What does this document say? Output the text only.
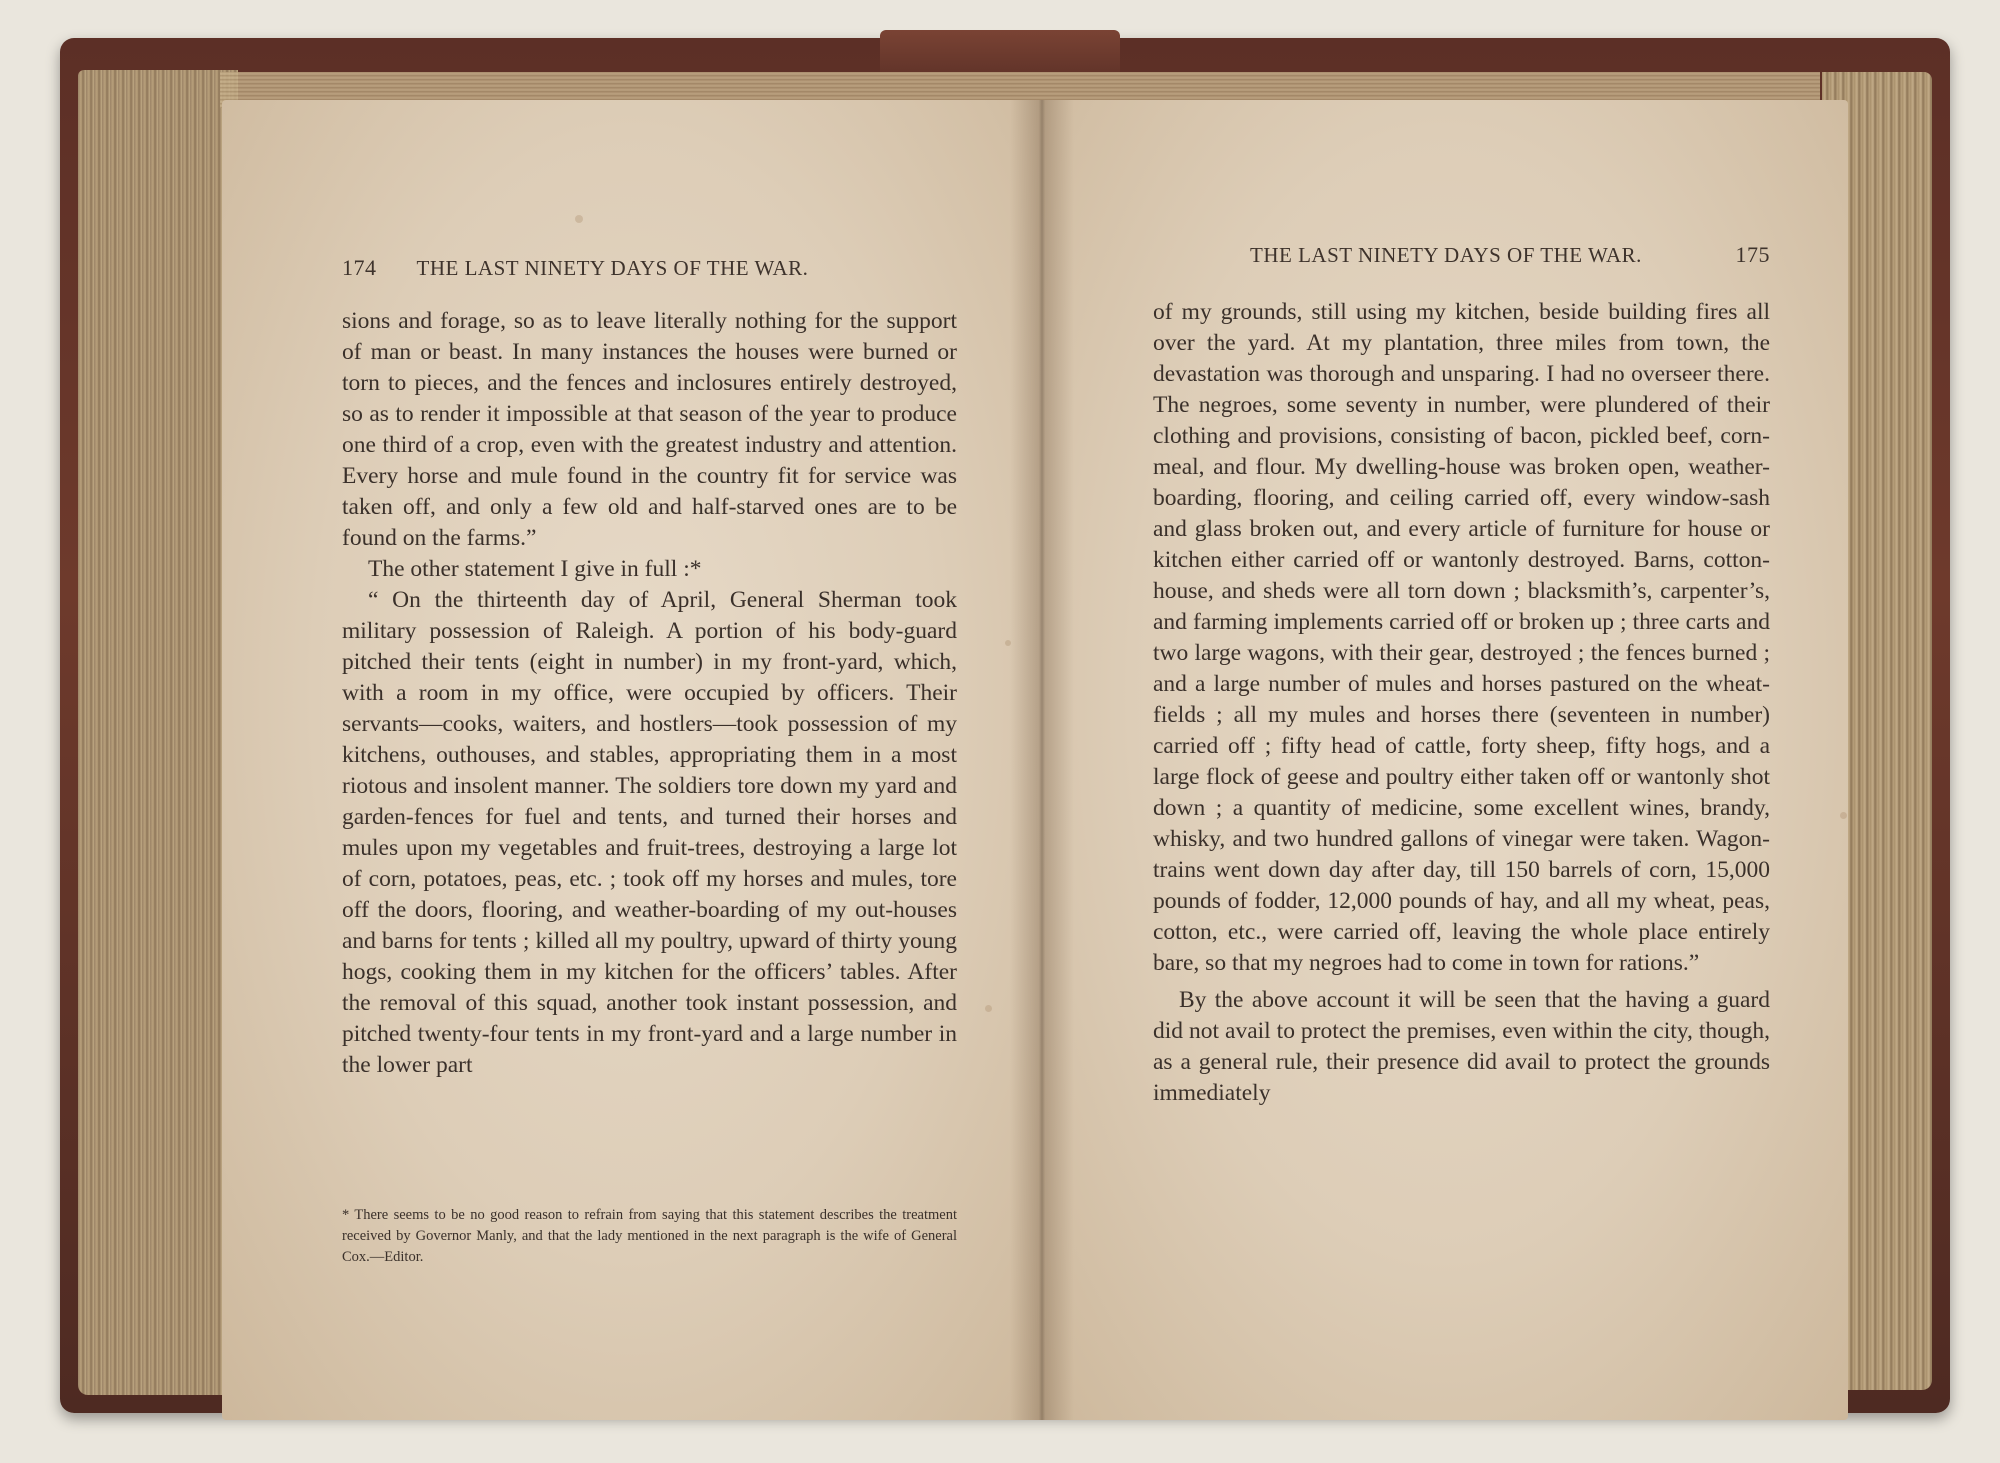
174 THE LAST NINETY DAYS OF THE WAR.

sions and forage, so as to leave literally nothing for the support of man or beast. In many instances the houses were burned or torn to pieces, and the fences and inclosures entirely destroyed, so as to render it impossible at that season of the year to produce one third of a crop, even with the greatest industry and attention. Every horse and mule found in the country fit for service was taken off, and only a few old and half-starved ones are to be found on the farms.”

The other statement I give in full :*

“ On the thirteenth day of April, General Sherman took military possession of Raleigh. A portion of his body-guard pitched their tents (eight in number) in my front-yard, which, with a room in my office, were occupied by officers. Their servants—cooks, waiters, and hostlers—took possession of my kitchens, outhouses, and stables, appropriating them in a most riotous and insolent manner. The soldiers tore down my yard and garden-fences for fuel and tents, and turned their horses and mules upon my vegetables and fruit-trees, destroying a large lot of corn, potatoes, peas, etc. ; took off my horses and mules, tore off the doors, flooring, and weather-boarding of my out-houses and barns for tents ; killed all my poultry, upward of thirty young hogs, cooking them in my kitchen for the officers’ tables. After the removal of this squad, another took instant possession, and pitched twenty-four tents in my front-yard and a large number in the lower part

* There seems to be no good reason to refrain from saying that this statement describes the treatment received by Governor Manly, and that the lady mentioned in the next paragraph is the wife of General Cox.—Editor.
THE LAST NINETY DAYS OF THE WAR.	175

of my grounds, still using my kitchen, beside building fires all over the yard. At my plantation, three miles from town, the devastation was thorough and unsparing. I had no overseer there. The negroes, some seventy in number, were plundered of their clothing and provisions, consisting of bacon, pickled beef, corn-meal, and flour. My dwelling-house was broken open, weather-boarding, flooring, and ceiling carried off, every window-sash and glass broken out, and every article of furniture for house or kitchen either carried off or wantonly destroyed. Barns, cotton-house, and sheds were all torn down ; blacksmith’s, carpenter’s, and farming implements carried off or broken up ; three carts and two large wagons, with their gear, destroyed ; the fences burned ; and a large number of mules and horses pastured on the wheat-fields ; all my mules and horses there (seventeen in number) carried off ; fifty head of cattle, forty sheep, fifty hogs, and a large flock of geese and poultry either taken off or wantonly shot down ; a quantity of medicine, some excellent wines, brandy, whisky, and two hundred gallons of vinegar were taken. Wagon-trains went down day after day, till 150 barrels of corn, 15,000 pounds of fodder, 12,000 pounds of hay, and all my wheat, peas, cotton, etc., were carried off, leaving the whole place entirely bare, so that my negroes had to come in town for rations.”

By the above account it will be seen that the having a guard did not avail to protect the premises, even within the city, though, as a general rule, their presence did avail to protect the grounds immediately
